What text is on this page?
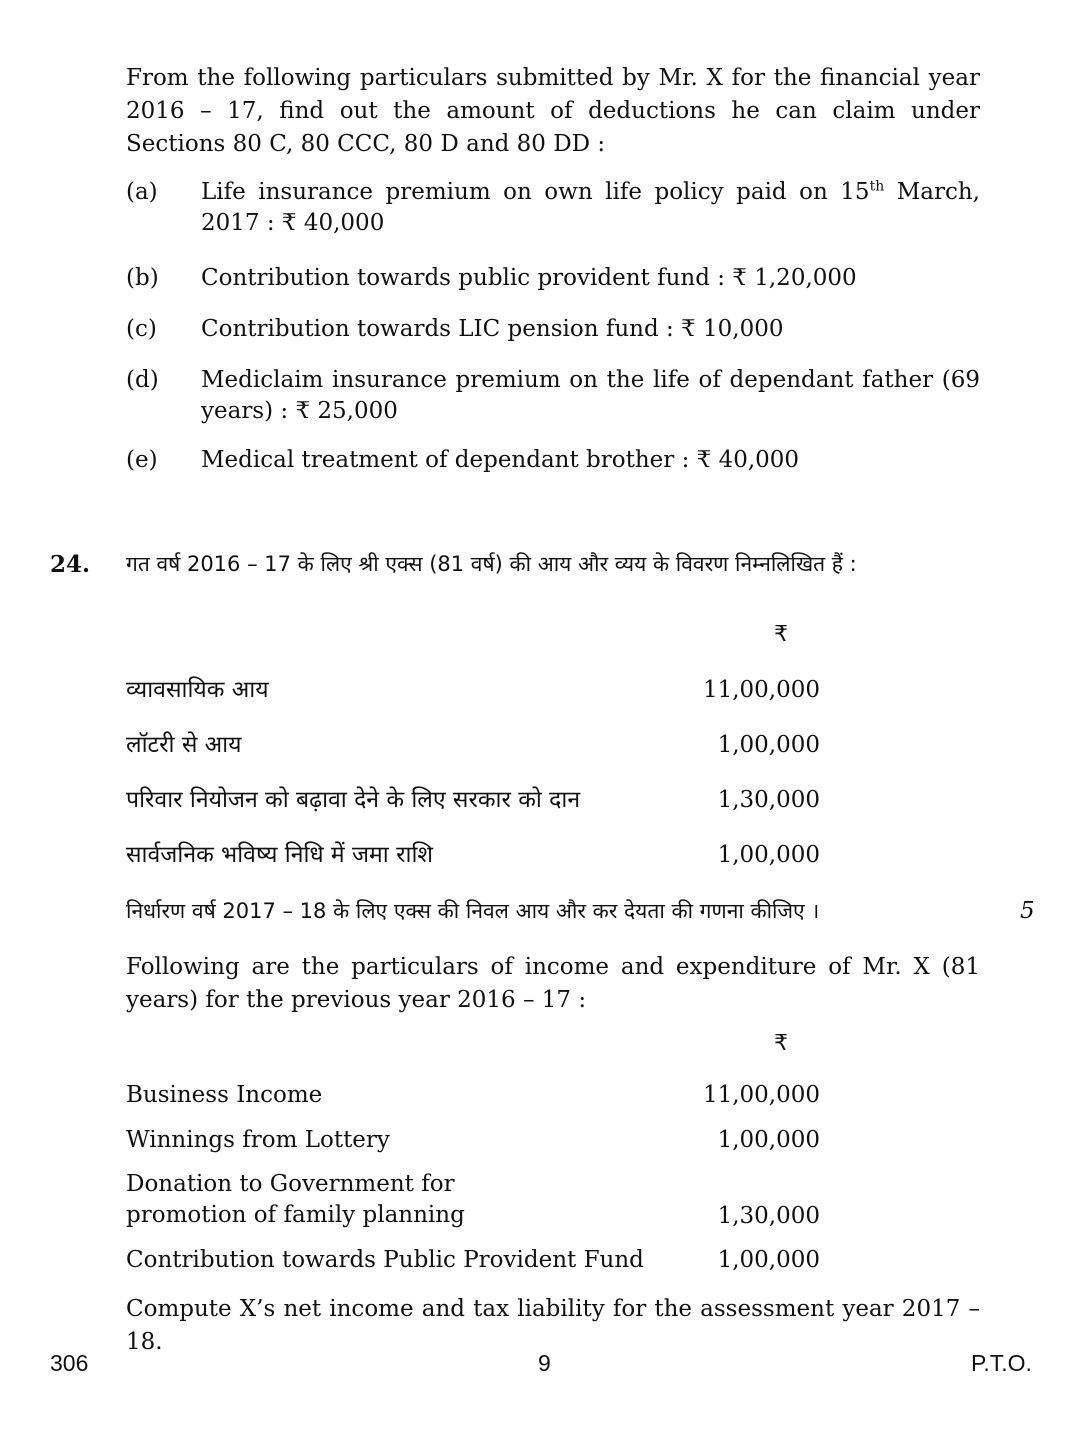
From the following particulars submitted by Mr. X for the financial year 2016 – 17, find out the amount of deductions he can claim under Sections 80 C, 80 CCC, 80 D and 80 DD :
(a) Life insurance premium on own life policy paid on 15th March, 2017 : ₹ 40,000
(b) Contribution towards public provident fund : ₹ 1,20,000
(c) Contribution towards LIC pension fund : ₹ 10,000
(d) Mediclaim insurance premium on the life of dependant father (69 years) : ₹ 25,000
(e) Medical treatment of dependant brother : ₹ 40,000
24. गत वर्ष 2016 – 17 के लिए श्री एक्स (81 वर्ष) की आय और व्यय के विवरण निम्नलिखित हैं :
₹
व्यावसायिक आय	11,00,000
लॉटरी से आय	1,00,000
परिवार नियोजन को बढ़ावा देने के लिए सरकार को दान	1,30,000
सार्वजनिक भविष्य निधि में जमा राशि	1,00,000
निर्धारण वर्ष 2017 – 18 के लिए एक्स की निवल आय और कर देयता की गणना कीजिए ।	5
Following are the particulars of income and expenditure of Mr. X (81 years) for the previous year 2016 – 17 :
₹
Business Income	11,00,000
Winnings from Lottery	1,00,000
Donation to Government for
promotion of family planning	1,30,000
Contribution towards Public Provident Fund	1,00,000
Compute X’s net income and tax liability for the assessment year 2017 – 18.
306	9	P.T.O.
